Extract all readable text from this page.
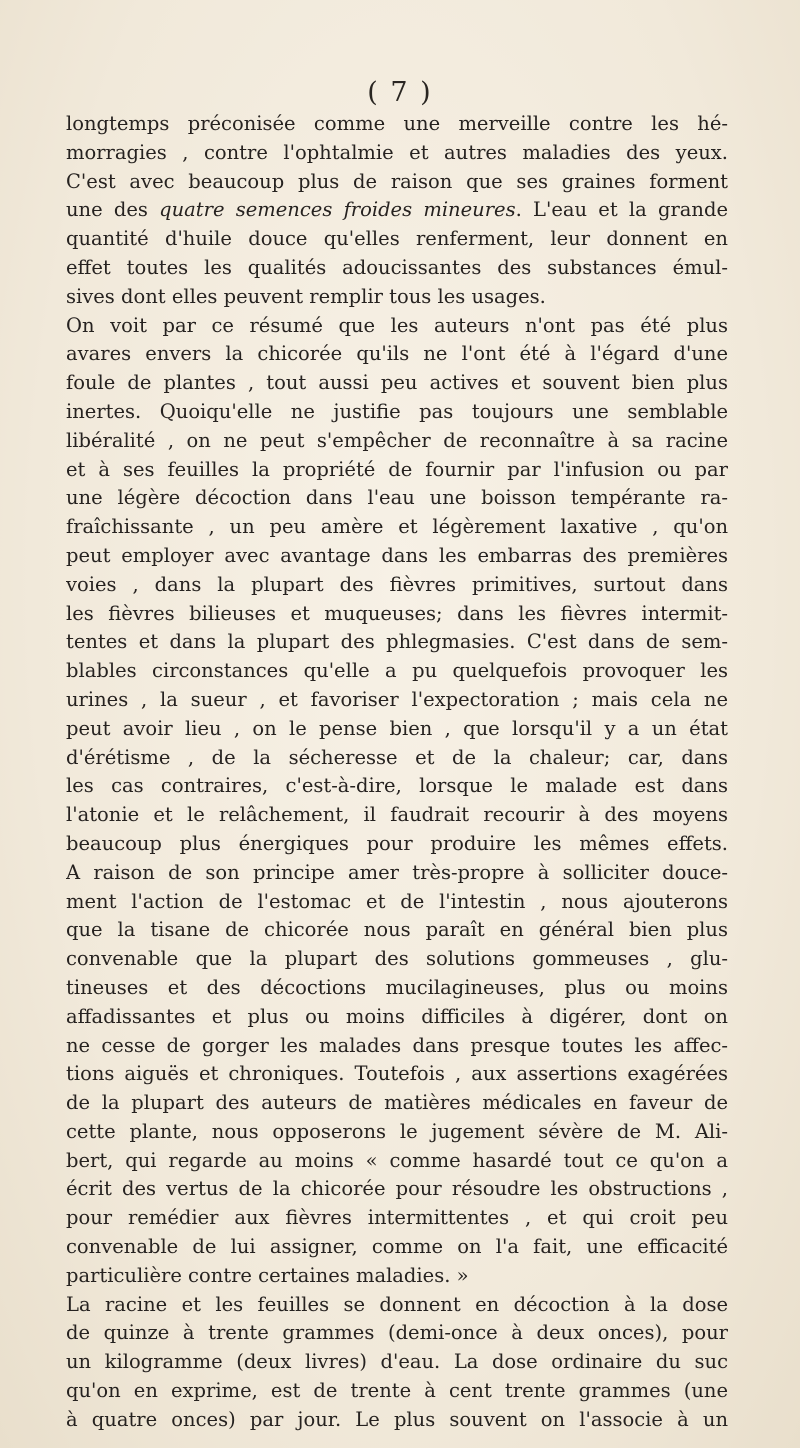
( 7 )
longtemps préconisée comme une merveille contre les hé-
morragies , contre l'ophtalmie et autres maladies des yeux.
C'est avec beaucoup plus de raison que ses graines forment
une des quatre semences froides mineures. L'eau et la grande
quantité d'huile douce qu'elles renferment, leur donnent en
effet toutes les qualités adoucissantes des substances émul-
sives dont elles peuvent remplir tous les usages.
On voit par ce résumé que les auteurs n'ont pas été plus
avares envers la chicorée qu'ils ne l'ont été à l'égard d'une
foule de plantes , tout aussi peu actives et souvent bien plus
inertes. Quoiqu'elle ne justifie pas toujours une semblable
libéralité , on ne peut s'empêcher de reconnaître à sa racine
et à ses feuilles la propriété de fournir par l'infusion ou par
une légère décoction dans l'eau une boisson tempérante ra-
fraîchissante , un peu amère et légèrement laxative , qu'on
peut employer avec avantage dans les embarras des premières
voies , dans la plupart des fièvres primitives, surtout dans
les fièvres bilieuses et muqueuses; dans les fièvres intermit-
tentes et dans la plupart des phlegmasies. C'est dans de sem-
blables circonstances qu'elle a pu quelquefois provoquer les
urines , la sueur , et favoriser l'expectoration ; mais cela ne
peut avoir lieu , on le pense bien , que lorsqu'il y a un état
d'érétisme , de la sécheresse et de la chaleur; car, dans
les cas contraires, c'est-à-dire, lorsque le malade est dans
l'atonie et le relâchement, il faudrait recourir à des moyens
beaucoup plus énergiques pour produire les mêmes effets.
A raison de son principe amer très-propre à solliciter douce-
ment l'action de l'estomac et de l'intestin , nous ajouterons
que la tisane de chicorée nous paraît en général bien plus
convenable que la plupart des solutions gommeuses , glu-
tineuses et des décoctions mucilagineuses, plus ou moins
affadissantes et plus ou moins difficiles à digérer, dont on
ne cesse de gorger les malades dans presque toutes les affec-
tions aiguës et chroniques. Toutefois , aux assertions exagérées
de la plupart des auteurs de matières médicales en faveur de
cette plante, nous opposerons le jugement sévère de M. Ali-
bert, qui regarde au moins « comme hasardé tout ce qu'on a
écrit des vertus de la chicorée pour résoudre les obstructions ,
pour remédier aux fièvres intermittentes , et qui croit peu
convenable de lui assigner, comme on l'a fait, une efficacité
particulière contre certaines maladies. »
La racine et les feuilles se donnent en décoction à la dose
de quinze à trente grammes (demi-once à deux onces), pour
un kilogramme (deux livres) d'eau. La dose ordinaire du suc
qu'on en exprime, est de trente à cent trente grammes (une
à quatre onces) par jour. Le plus souvent on l'associe à un
